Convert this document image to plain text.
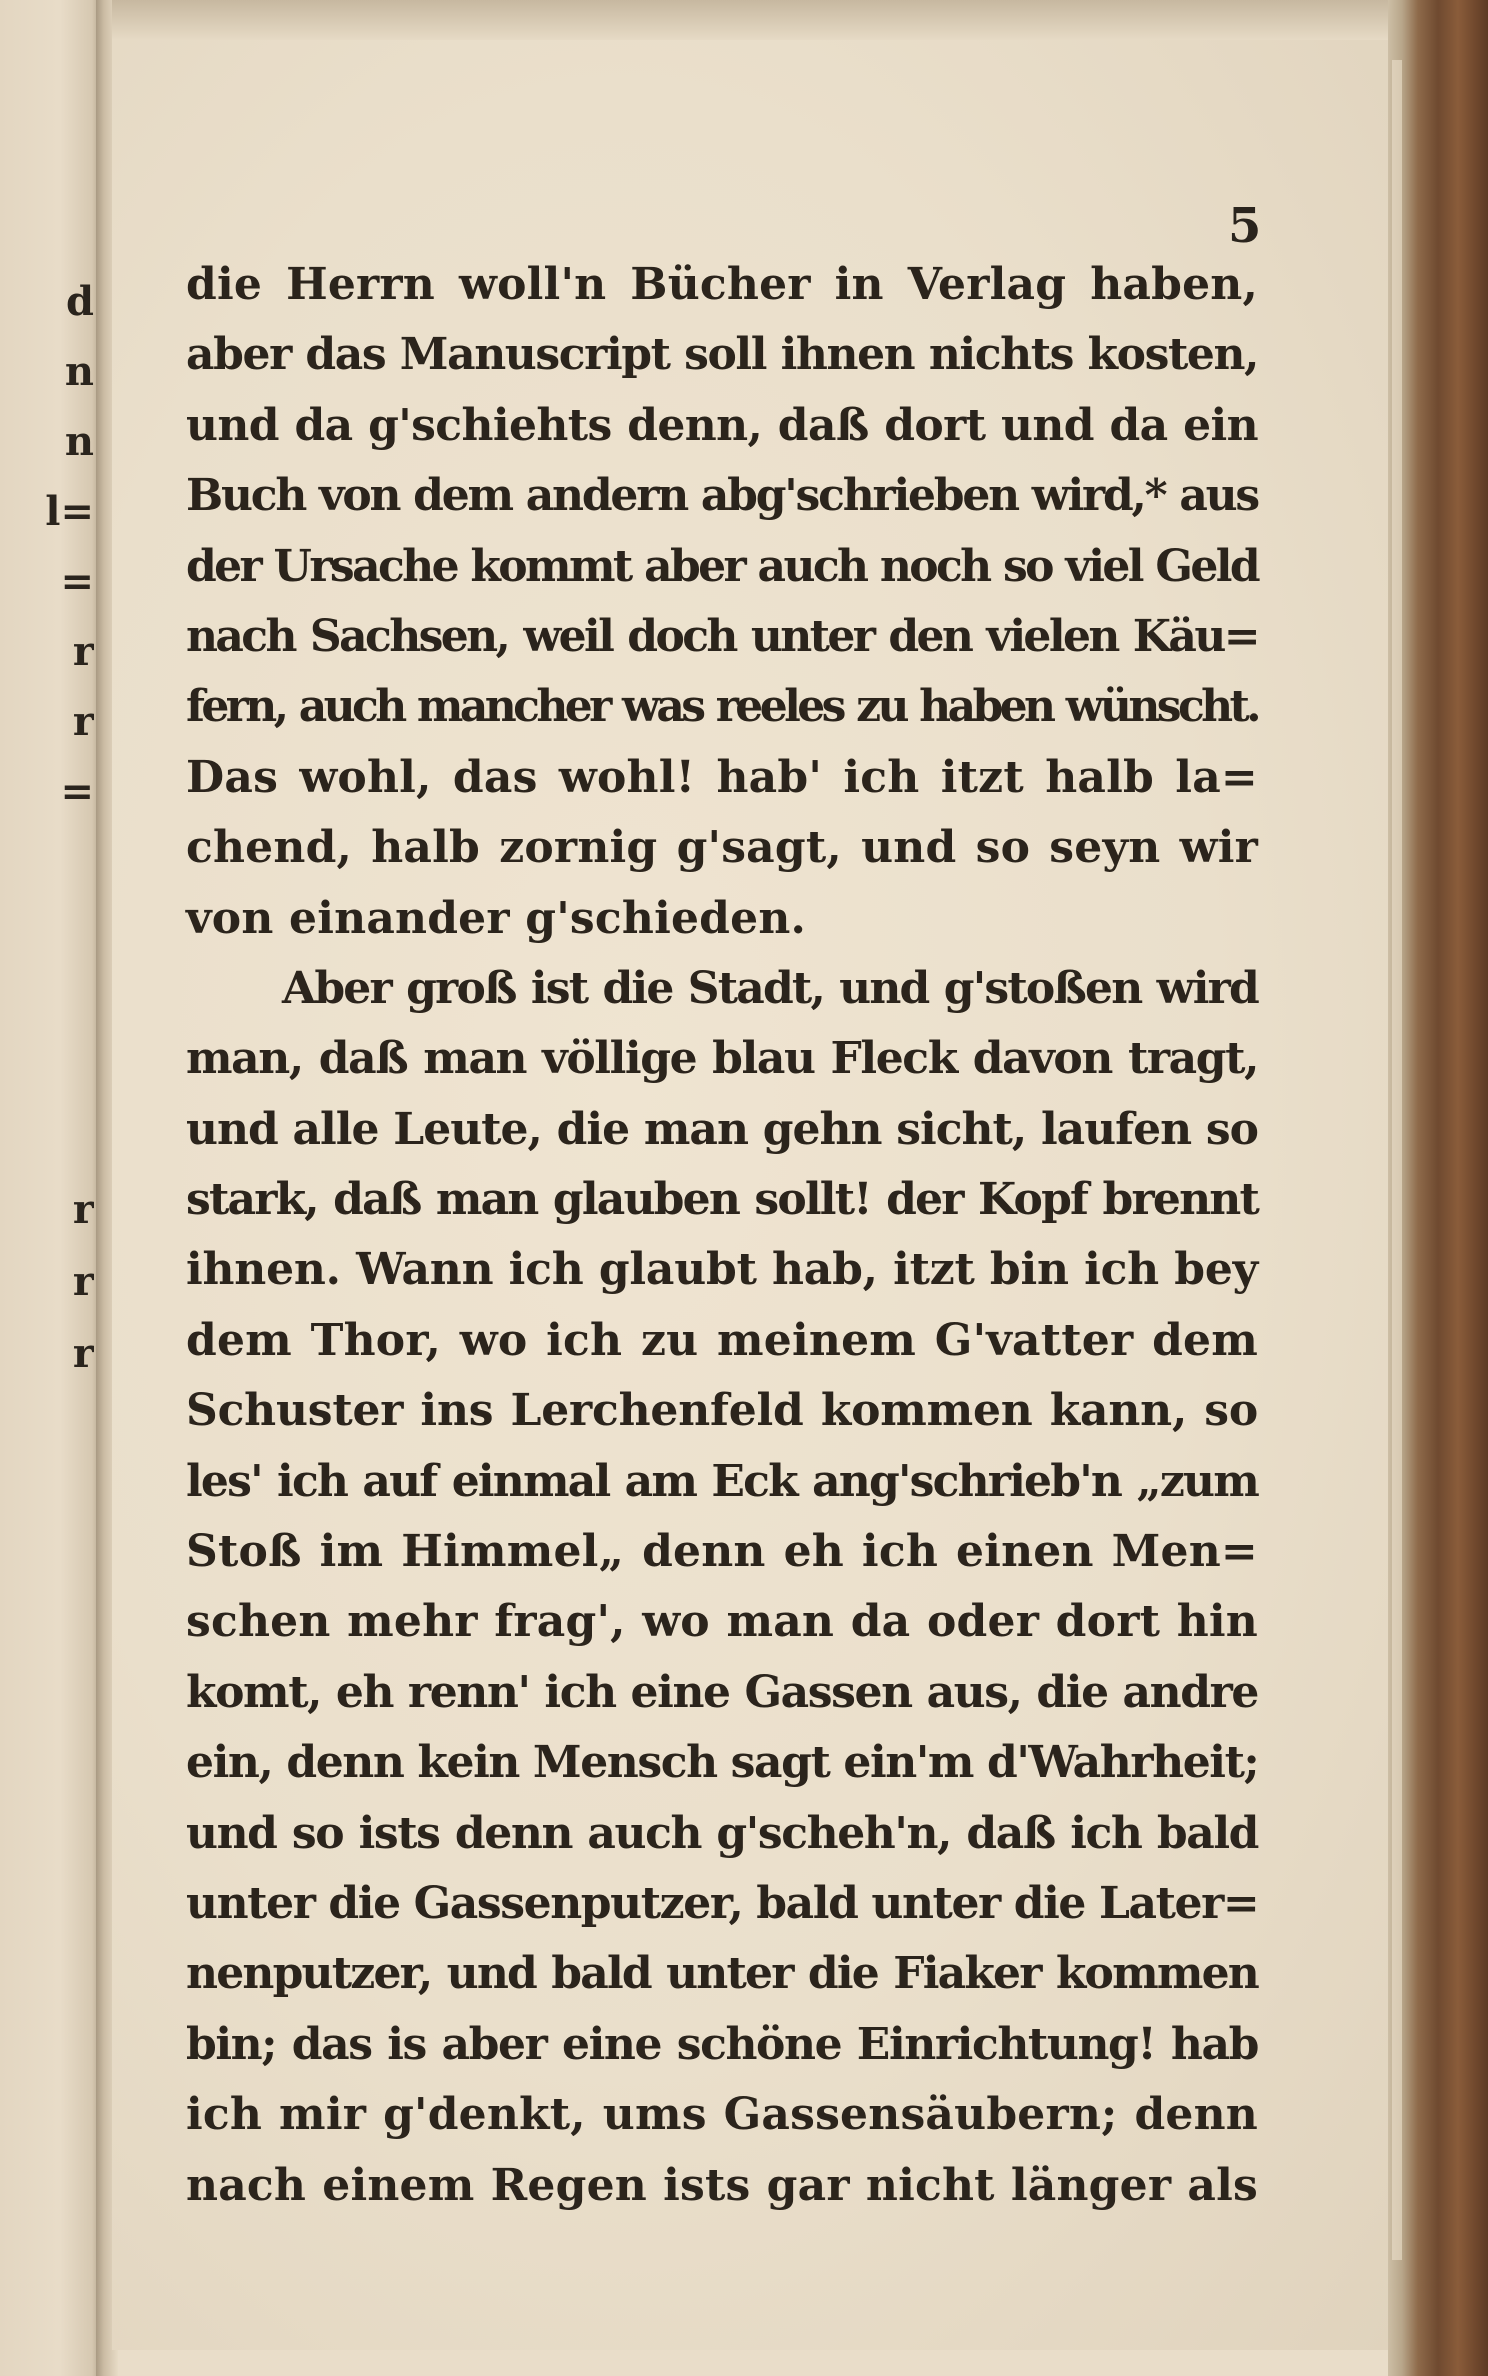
d
n
n
l=
=
r
r
=
r
r
r
5
die Herrn woll'n Bücher in Verlag haben,
aber das Manuscript soll ihnen nichts kosten,
und da g'schiehts denn, daß dort und da ein
Buch von dem andern abg'schrieben wird,* aus
der Ursache kommt aber auch noch so viel Geld
nach Sachsen, weil doch unter den vielen Käu=
fern, auch mancher was reeles zu haben wünscht.
Das wohl, das wohl! hab' ich itzt halb la=
chend, halb zornig g'sagt, und so seyn wir
von einander g'schieden.
Aber groß ist die Stadt, und g'stoßen wird
man, daß man völlige blau Fleck davon tragt,
und alle Leute, die man gehn sicht, laufen so
stark, daß man glauben sollt! der Kopf brennt
ihnen. Wann ich glaubt hab, itzt bin ich bey
dem Thor, wo ich zu meinem G'vatter dem
Schuster ins Lerchenfeld kommen kann, so
les' ich auf einmal am Eck ang'schrieb'n „zum
Stoß im Himmel„ denn eh ich einen Men=
schen mehr frag', wo man da oder dort hin
komt, eh renn' ich eine Gassen aus, die andre
ein, denn kein Mensch sagt ein'm d'Wahrheit;
und so ists denn auch g'scheh'n, daß ich bald
unter die Gassenputzer, bald unter die Later=
nenputzer, und bald unter die Fiaker kommen
bin; das is aber eine schöne Einrichtung! hab
ich mir g'denkt, ums Gassensäubern; denn
nach einem Regen ists gar nicht länger als
